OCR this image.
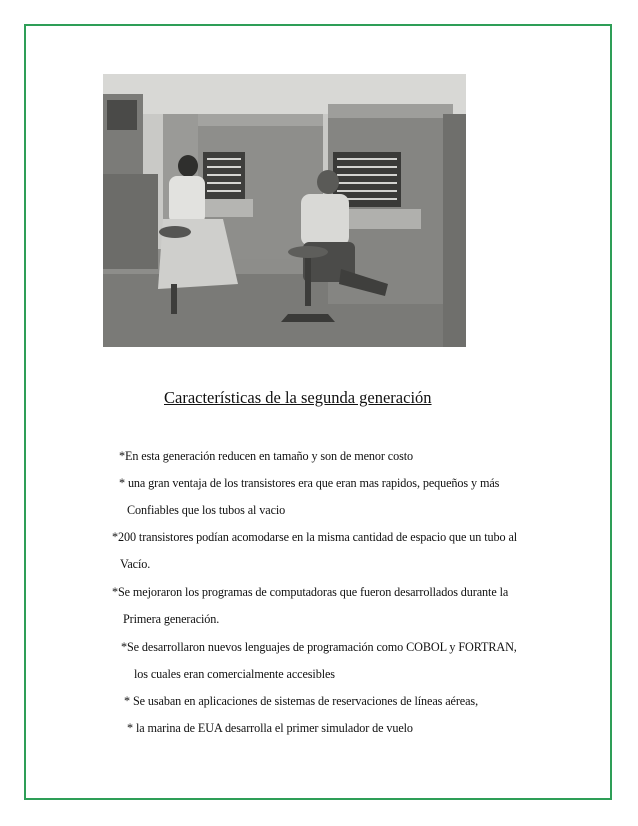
Características de la segunda generación
*En esta generación reducen en tamaño y son de menor costo
* una gran ventaja de los transistores era que eran mas rapidos, pequeños y más
Confiables que los tubos al vacio
*200 transistores podían acomodarse en la misma cantidad de espacio que un tubo al
Vacío.
*Se mejoraron los programas de computadoras que fueron desarrollados durante la
Primera generación.
*Se desarrollaron nuevos lenguajes de programación como COBOL y FORTRAN,
los cuales eran comercialmente accesibles
* Se usaban en aplicaciones de sistemas de reservaciones de líneas aéreas,
* la marina de EUA desarrolla el primer simulador de vuelo
